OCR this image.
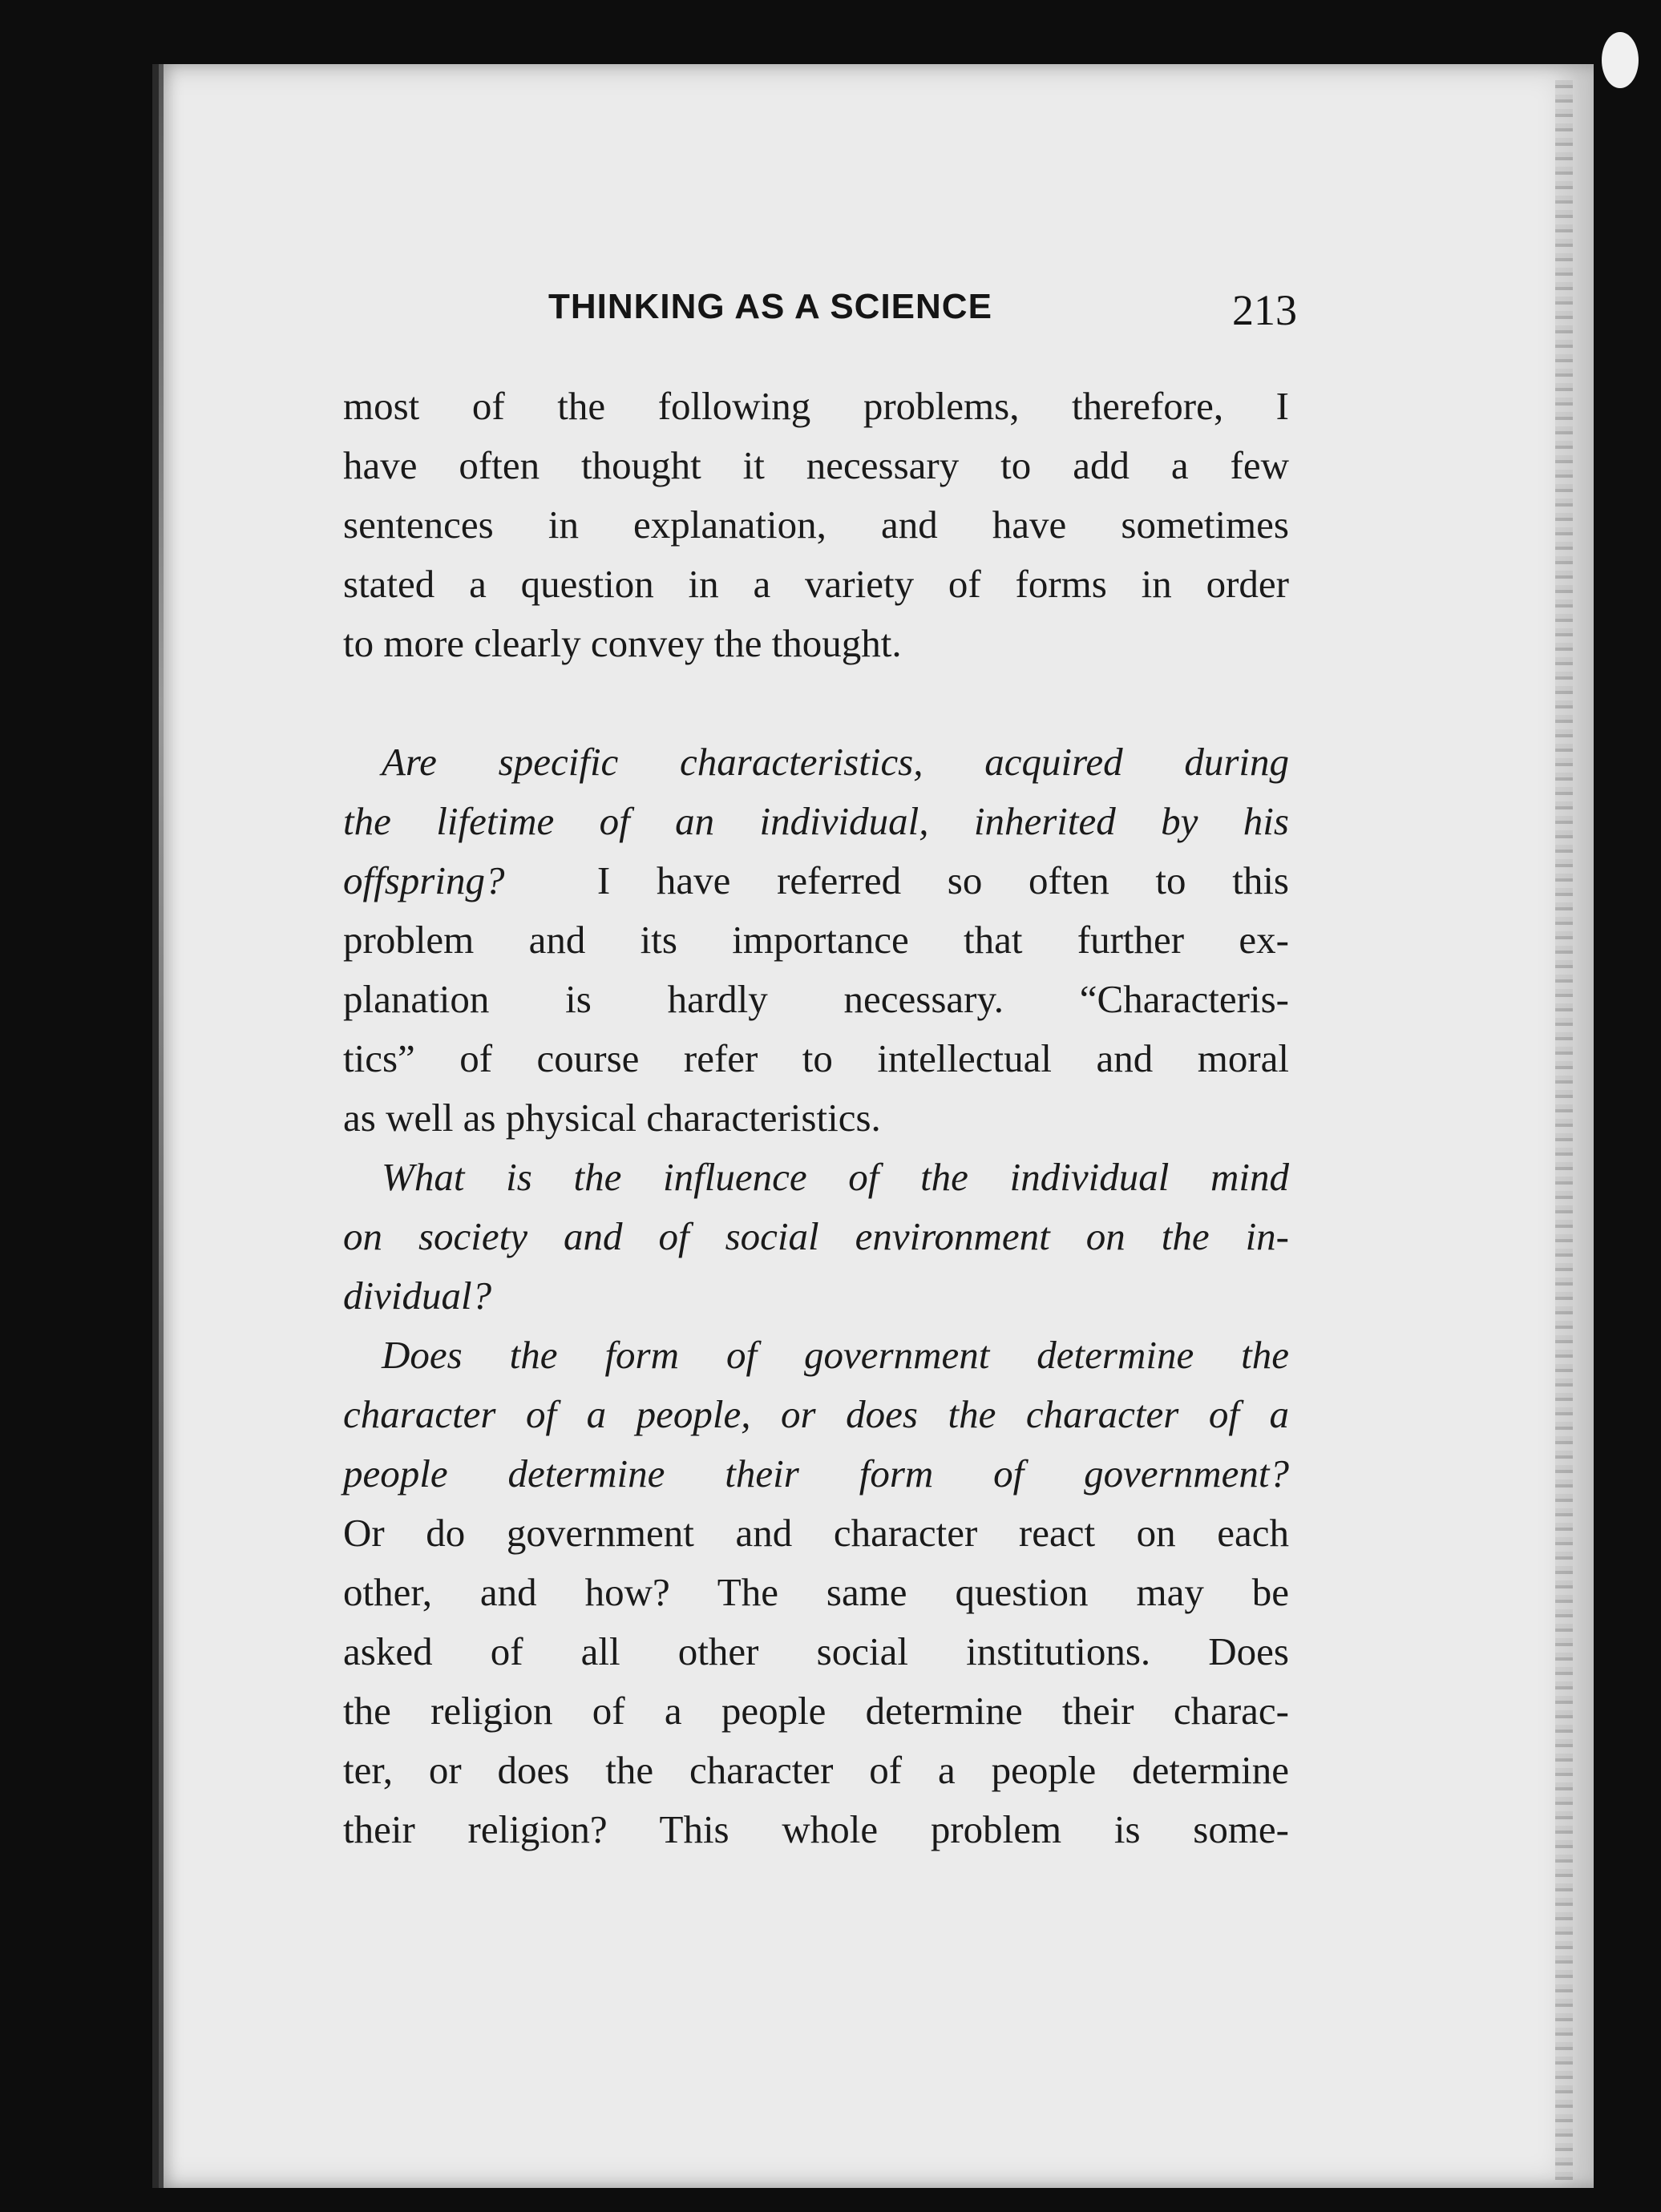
THINKING AS A SCIENCE	213
most of the following problems, therefore, I
have often thought it necessary to add a few
sentences in explanation, and have sometimes
stated a question in a variety of forms in order
to more clearly convey the thought.
Are specific characteristics, acquired during
the lifetime of an individual, inherited by his
offspring? I have referred so often to this
problem and its importance that further ex-
planation is hardly necessary. “Characteris-
tics” of course refer to intellectual and moral
as well as physical characteristics.
What is the influence of the individual mind
on society and of social environment on the in-
dividual?
Does the form of government determine the
character of a people, or does the character of a
people determine their form of government?
Or do government and character react on each
other, and how? The same question may be
asked of all other social institutions. Does
the religion of a people determine their charac-
ter, or does the character of a people determine
their religion? This whole problem is some-
